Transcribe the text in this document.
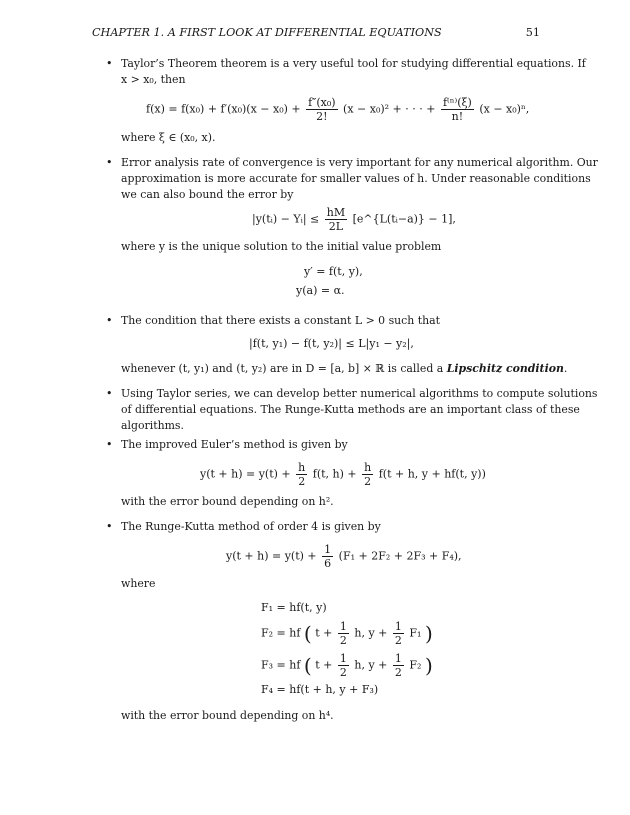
CHAPTER 1. A FIRST LOOK AT DIFFERENTIAL EQUATIONS	51
• Taylor’s Theorem theorem is a very useful tool for studying differential equations. If
x > x₀, then
$f(x) = f(x_0) + f'(x_0)(x - x_0) + \frac{\text{f″(x₀)}}{2!} (x - x_0)^2$ + · · · + $\frac{\text{f⁽ⁿ⁾(ξ)}}{n!} (x - x_0)^n$,
where ξ ∈ (x₀, x).
• Error analysis rate of convergence is very important for any numerical algorithm. Our
approximation is more accurate for smaller values of h. Under reasonable conditions
we can also bound the error by
|y(tᵢ) − Yᵢ| ≤ $\frac{hM}{2L}$ [e^{L(tᵢ−a)} − 1],
where y is the unique solution to the initial value problem
y′ = f(t, y),
y(a) = α.
• The condition that there exists a constant L > 0 such that
|f(t, y₁) − f(t, y₂)| ≤ L|y₁ − y₂|,
whenever (t, y₁) and (t, y₂) are in D = [a, b] × ℝ is called a Lipschitz condition.
• Using Taylor series, we can develop better numerical algorithms to compute solutions
of differential equations. The Runge-Kutta methods are an important class of these
algorithms.
• The improved Euler’s method is given by
$y(t + h) = y(t) + \frac{h}{2} f(t$, $h) + \frac{h}{2} f(t + h$, y + hf(t, y))
with the error bound depending on h².
• The Runge-Kutta method of order 4 is given by
$y(t + h) = y(t) + \frac{1}{6} (F_1 + 2F_2 + 2F_3 + F_4)$,
where
F₁ = hf(t, y)
F₂ = hf ( $t + \frac{1}{2} h$, $y + \frac{1}{2} F_1$ )
F₃ = hf ( $t + \frac{1}{2} h$, $y + \frac{1}{2} F_2$ )
F₄ = hf(t + h, y + F₃)
with the error bound depending on h⁴.
